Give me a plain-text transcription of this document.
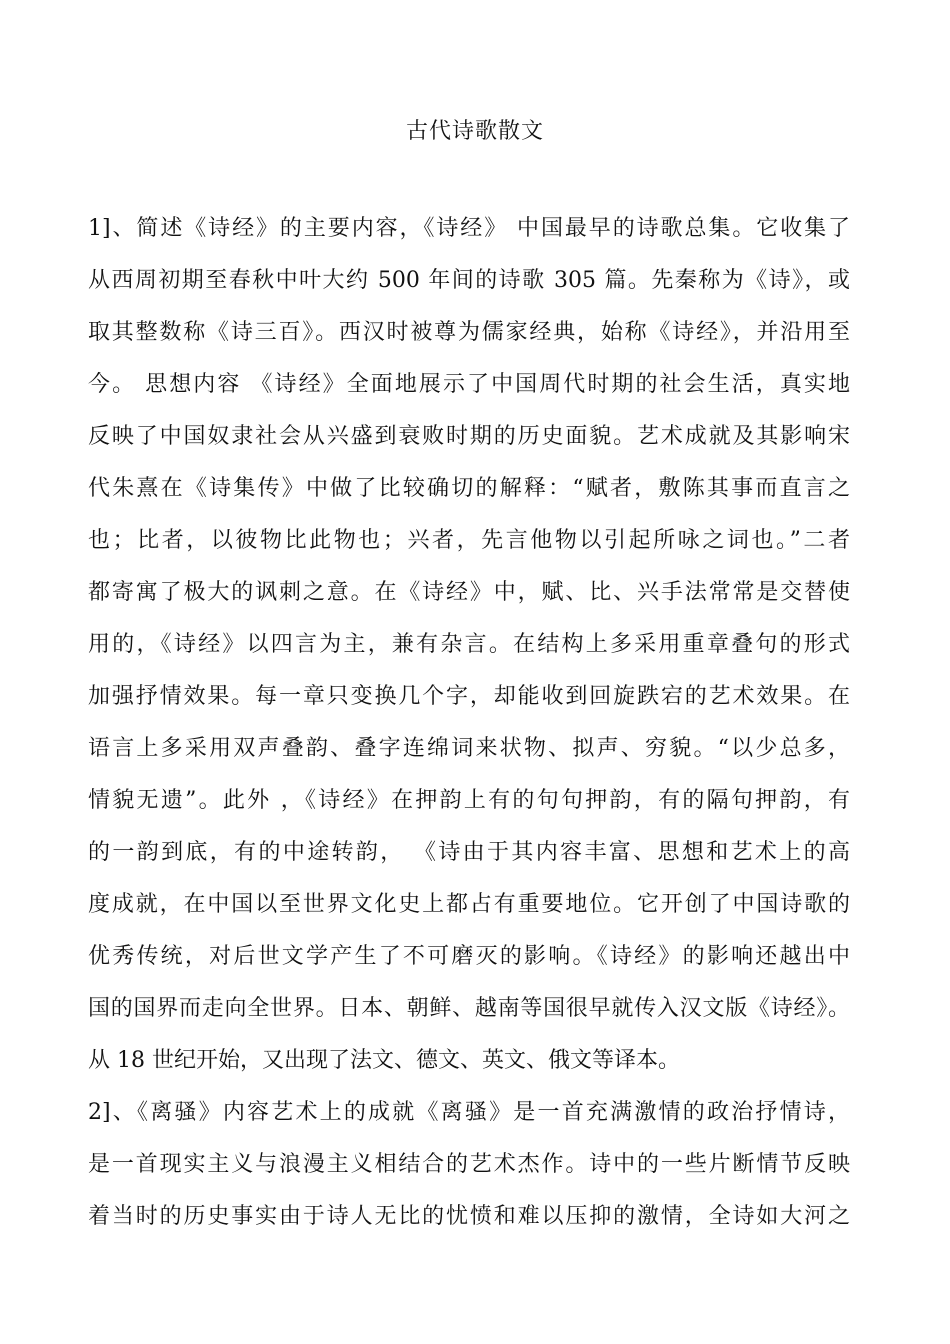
古代诗歌散文
1]、简述《诗经》的主要内容，《诗经》 中国最早的诗歌总集。它收集了
从西周初期至春秋中叶大约 500 年间的诗歌 305 篇。先秦称为《诗》，或
取其整数称《诗三百》。西汉时被尊为儒家经典，始称《诗经》，并沿用至
今。 思想内容 《诗经》全面地展示了中国周代时期的社会生活，真实地
反映了中国奴隶社会从兴盛到衰败时期的历史面貌。艺术成就及其影响宋
代朱熹在《诗集传》中做了比较确切的解释：“赋者，敷陈其事而直言之
也；比者，以彼物比此物也；兴者，先言他物以引起所咏之词也。”二者
都寄寓了极大的讽刺之意。在《诗经》中，赋、比、兴手法常常是交替使
用的，《诗经》以四言为主，兼有杂言。在结构上多采用重章叠句的形式
加强抒情效果。每一章只变换几个字，却能收到回旋跌宕的艺术效果。在
语言上多采用双声叠韵、叠字连绵词来状物、拟声、穷貌。“以少总多，
情貌无遗”。此外 ，《诗经》在押韵上有的句句押韵，有的隔句押韵，有
的一韵到底，有的中途转韵， 《诗由于其内容丰富、思想和艺术上的高
度成就，在中国以至世界文化史上都占有重要地位。它开创了中国诗歌的
优秀传统，对后世文学产生了不可磨灭的影响。《诗经》的影响还越出中
国的国界而走向全世界。日本、朝鲜、越南等国很早就传入汉文版《诗经》。
从 18 世纪开始，又出现了法文、德文、英文、俄文等译本。
2]、《离骚》内容艺术上的成就《离骚》是一首充满激情的政治抒情诗，
是一首现实主义与浪漫主义相结合的艺术杰作。诗中的一些片断情节反映
着当时的历史事实由于诗人无比的忧愤和难以压抑的激情，全诗如大河之
